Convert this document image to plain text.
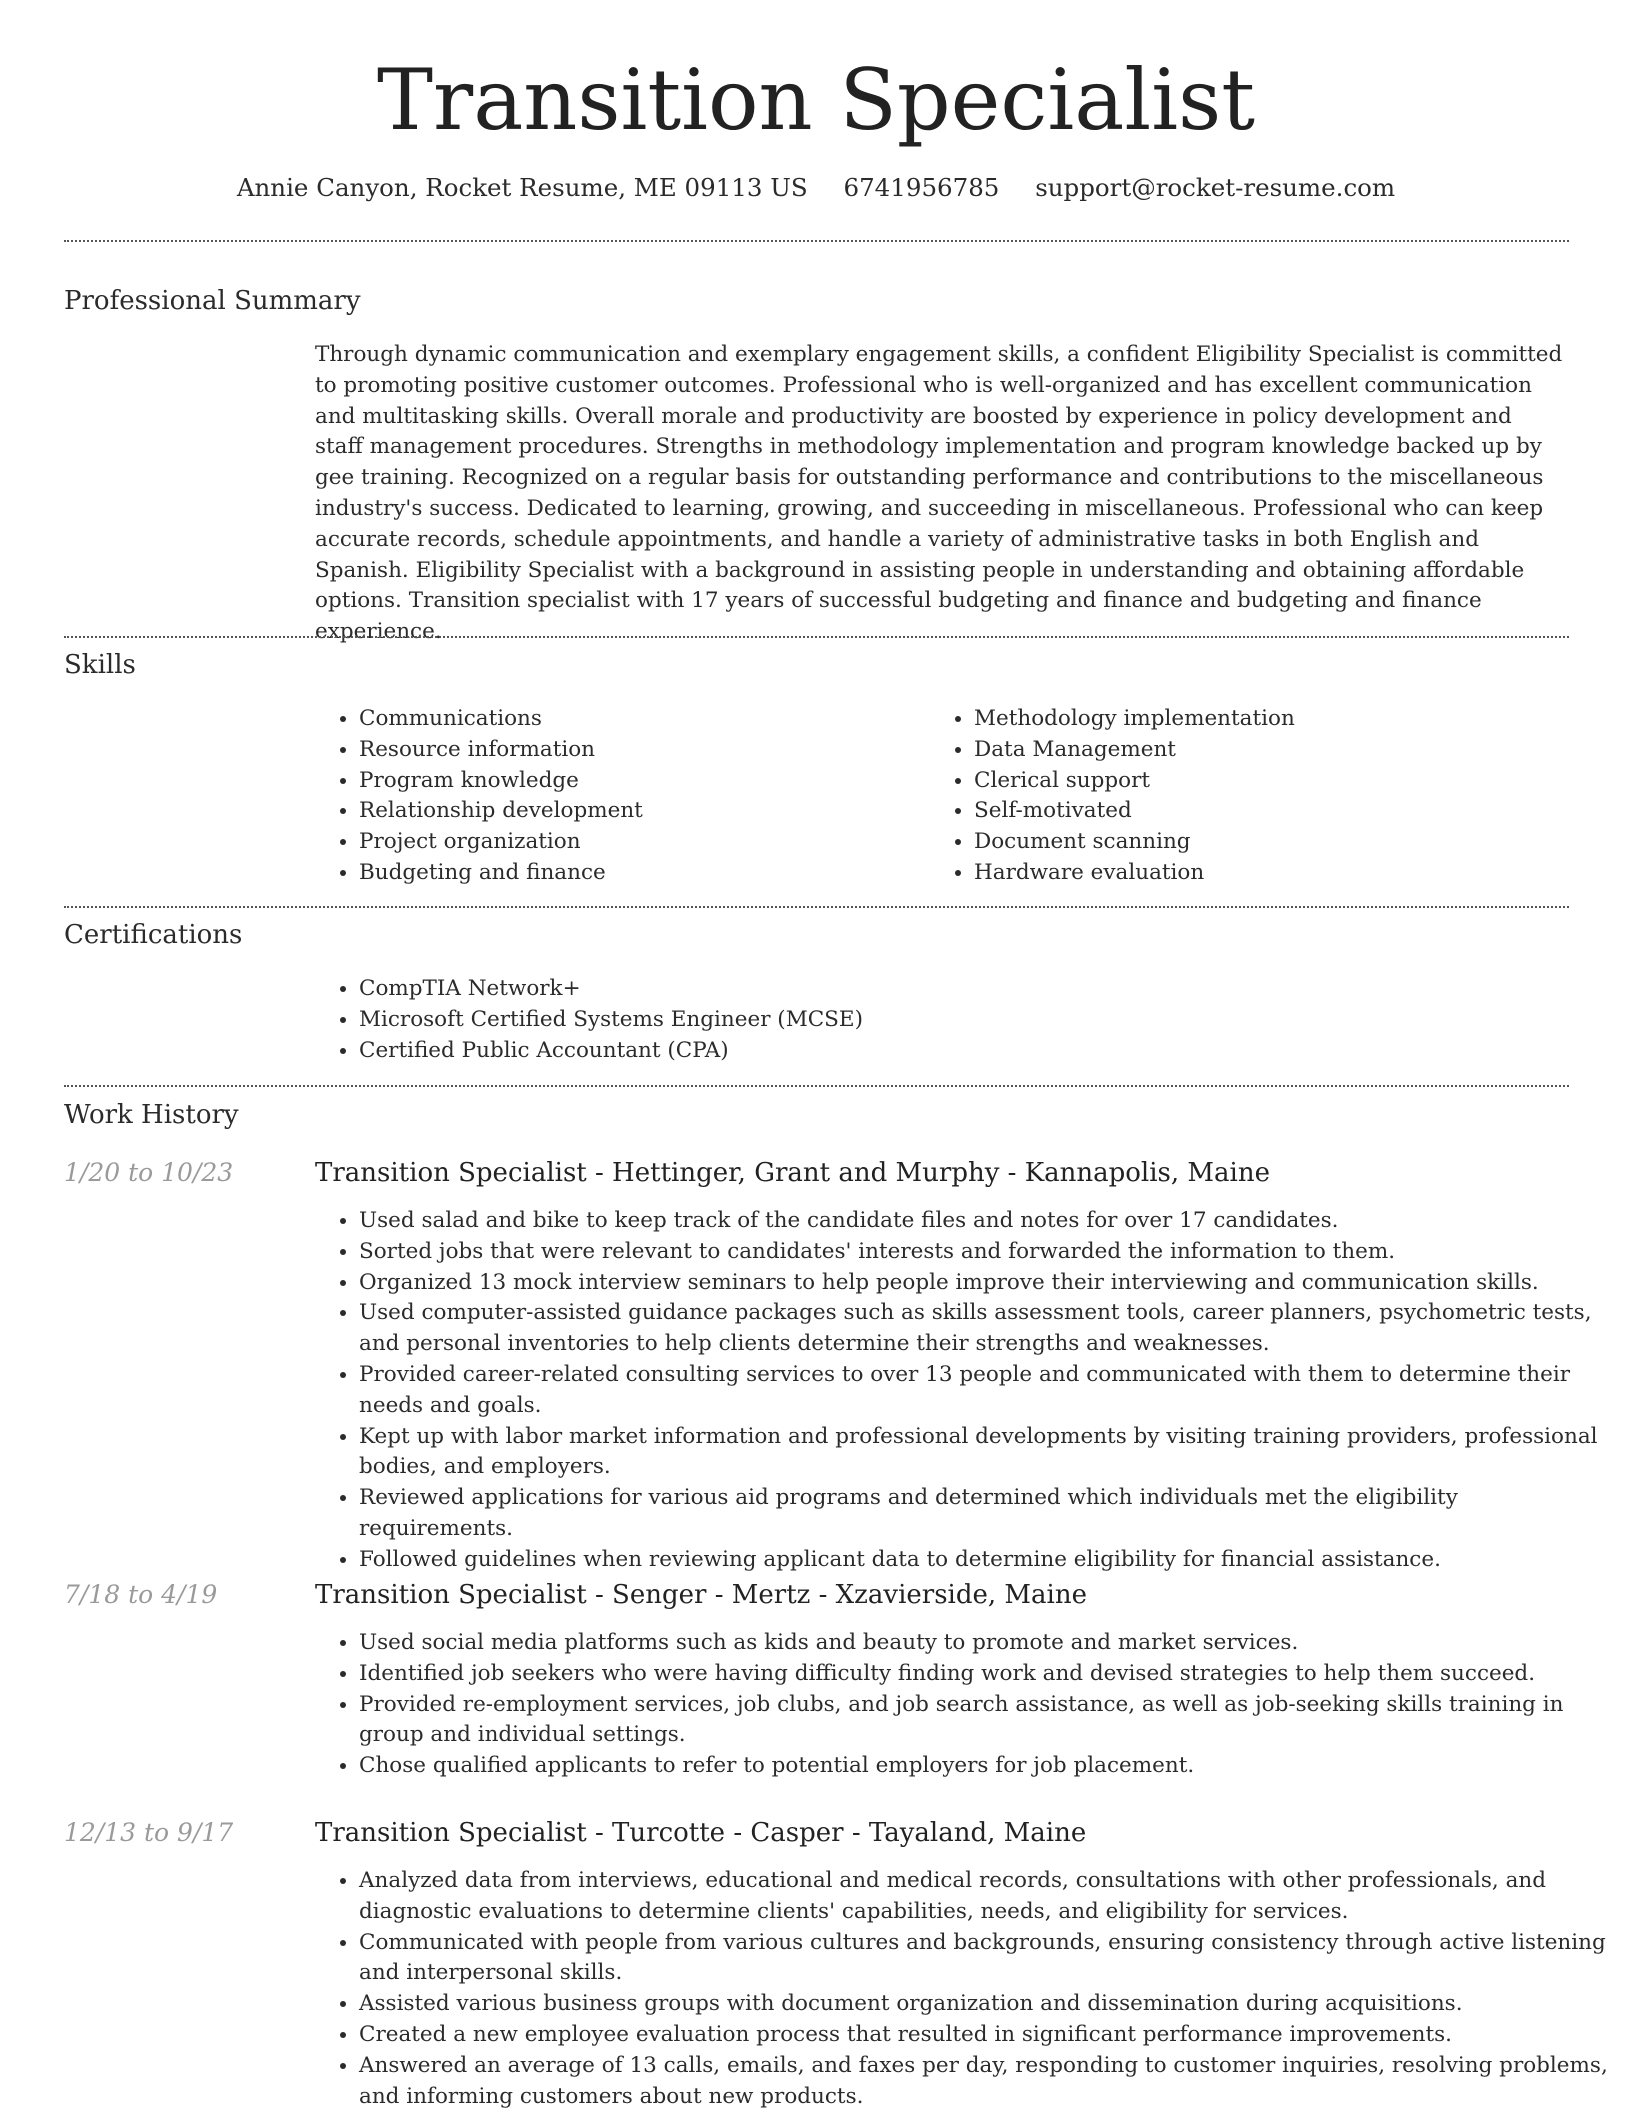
Transition Specialist
Annie Canyon, Rocket Resume, ME 09113 US 6741956785 support@rocket-resume.com
Professional Summary

Through dynamic communication and exemplary engagement skills, a confident Eligibility Specialist is committed to promoting positive customer outcomes. Professional who is well-organized and has excellent communication and multitasking skills. Overall morale and productivity are boosted by experience in policy development and staff management procedures. Strengths in methodology implementation and program knowledge backed up by gee training. Recognized on a regular basis for outstanding performance and contributions to the miscellaneous industry's success. Dedicated to learning, growing, and succeeding in miscellaneous. Professional who can keep accurate records, schedule appointments, and handle a variety of administrative tasks in both English and Spanish. Eligibility Specialist with a background in assisting people in understanding and obtaining affordable options. Transition specialist with 17 years of successful budgeting and finance and budgeting and finance experience.

Skills
• Communications
• Resource information
• Program knowledge
• Relationship development
• Project organization
• Budgeting and finance
• Methodology implementation
• Data Management
• Clerical support
• Self-motivated
• Document scanning
• Hardware evaluation
Certifications
• CompTIA Network+
• Microsoft Certified Systems Engineer (MCSE)
• Certified Public Accountant (CPA)
Work History
1/20 to 10/23	Transition Specialist - Hettinger, Grant and Murphy - Kannapolis, Maine
• Used salad and bike to keep track of the candidate files and notes for over 17 candidates.
• Sorted jobs that were relevant to candidates' interests and forwarded the information to them.
• Organized 13 mock interview seminars to help people improve their interviewing and communication skills.
• Used computer-assisted guidance packages such as skills assessment tools, career planners, psychometric tests, and personal inventories to help clients determine their strengths and weaknesses.
• Provided career-related consulting services to over 13 people and communicated with them to determine their needs and goals.
• Kept up with labor market information and professional developments by visiting training providers, professional bodies, and employers.
• Reviewed applications for various aid programs and determined which individuals met the eligibility requirements.
• Followed guidelines when reviewing applicant data to determine eligibility for financial assistance.
7/18 to 4/19	Transition Specialist - Senger - Mertz - Xzavierside, Maine
• Used social media platforms such as kids and beauty to promote and market services.
• Identified job seekers who were having difficulty finding work and devised strategies to help them succeed.
• Provided re-employment services, job clubs, and job search assistance, as well as job-seeking skills training in group and individual settings.
• Chose qualified applicants to refer to potential employers for job placement.
12/13 to 9/17	Transition Specialist - Turcotte - Casper - Tayaland, Maine
• Analyzed data from interviews, educational and medical records, consultations with other professionals, and diagnostic evaluations to determine clients' capabilities, needs, and eligibility for services.
• Communicated with people from various cultures and backgrounds, ensuring consistency through active listening and interpersonal skills.
• Assisted various business groups with document organization and dissemination during acquisitions.
• Created a new employee evaluation process that resulted in significant performance improvements.
• Answered an average of 13 calls, emails, and faxes per day, responding to customer inquiries, resolving problems, and informing customers about new products.
